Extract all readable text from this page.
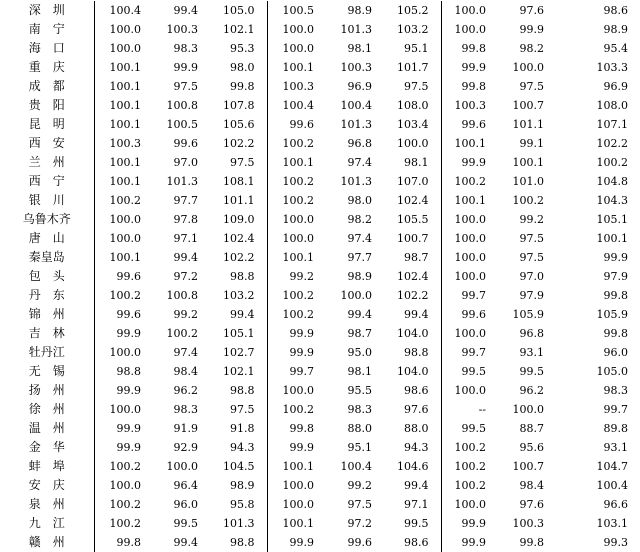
深　圳	100.4	99.4	105.0	100.5	98.9	105.2	100.0	97.6	98.6
南　宁	100.0	100.3	102.1	100.0	101.3	103.2	100.0	99.9	98.9
海　口	100.0	98.3	95.3	100.0	98.1	95.1	99.8	98.2	95.4
重　庆	100.1	99.9	98.0	100.1	100.3	101.7	99.9	100.0	103.3
成　都	100.1	97.5	99.8	100.3	96.9	97.5	99.8	97.5	96.9
贵　阳	100.1	100.8	107.8	100.4	100.4	108.0	100.3	100.7	108.0
昆　明	100.1	100.5	105.6	99.6	101.3	103.4	99.6	101.1	107.1
西　安	100.3	99.6	102.2	100.2	96.8	100.0	100.1	99.1	102.2
兰　州	100.1	97.0	97.5	100.1	97.4	98.1	99.9	100.1	100.2
西　宁	100.1	101.3	108.1	100.2	101.3	107.0	100.2	101.0	104.8
银　川	100.2	97.7	101.1	100.2	98.0	102.4	100.1	100.2	104.3
乌鲁木齐	100.0	97.8	109.0	100.0	98.2	105.5	100.0	99.2	105.1
唐　山	100.0	97.1	102.4	100.0	97.4	100.7	100.0	97.5	100.1
秦皇岛	100.1	99.4	102.2	100.1	97.7	98.7	100.0	97.5	99.9
包　头	99.6	97.2	98.8	99.2	98.9	102.4	100.0	97.0	97.9
丹　东	100.2	100.8	103.2	100.2	100.0	102.2	99.7	97.9	99.8
锦　州	99.6	99.2	99.4	100.2	99.4	99.4	99.6	105.9	105.9
吉　林	99.9	100.2	105.1	99.9	98.7	104.0	100.0	96.8	99.8
牡丹江	100.0	97.4	102.7	99.9	95.0	98.8	99.7	93.1	96.0
无　锡	98.8	98.4	102.1	99.7	98.1	104.0	99.5	99.5	105.0
扬　州	99.9	96.2	98.8	100.0	95.5	98.6	100.0	96.2	98.3
徐　州	100.0	98.3	97.5	100.2	98.3	97.6	--	100.0	99.7
温　州	99.9	91.9	91.8	99.8	88.0	88.0	99.5	88.7	89.8
金　华	99.9	92.9	94.3	99.9	95.1	94.3	100.2	95.6	93.1
蚌　埠	100.2	100.0	104.5	100.1	100.4	104.6	100.2	100.7	104.7
安　庆	100.0	96.4	98.9	100.0	99.2	99.4	100.2	98.4	100.4
泉　州	100.2	96.0	95.8	100.0	97.5	97.1	100.0	97.6	96.6
九　江	100.2	99.5	101.3	100.1	97.2	99.5	99.9	100.3	103.1
赣　州	99.8	99.4	98.8	99.9	99.6	98.6	99.9	99.8	99.3
